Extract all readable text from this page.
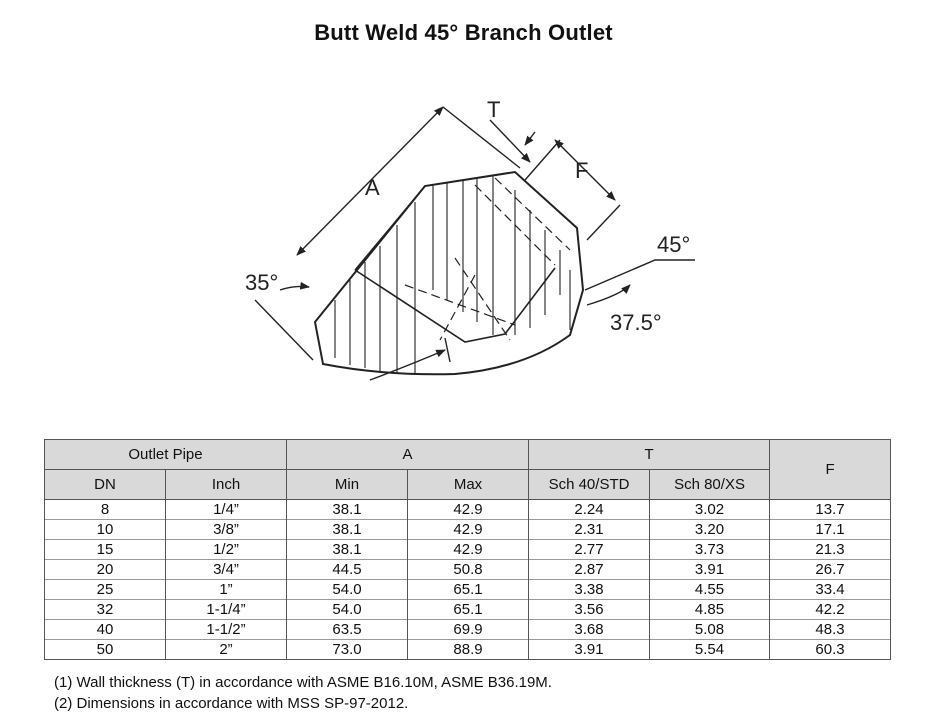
Butt Weld 45° Branch Outlet
A
T
F
45°
35°
37.5°
Outlet Pipe		A		T		F
DN	Inch	Min	Max	Sch 40/STD	Sch 80/XS	
8	1/4”	38.1	42.9	2.24	3.02	13.7
10	3/8”	38.1	42.9	2.31	3.20	17.1
15	1/2”	38.1	42.9	2.77	3.73	21.3
20	3/4”	44.5	50.8	2.87	3.91	26.7
25	1”	54.0	65.1	3.38	4.55	33.4
32	1-1/4”	54.0	65.1	3.56	4.85	42.2
40	1-1/2”	63.5	69.9	3.68	5.08	48.3
50	2”	73.0	88.9	3.91	5.54	60.3
(1) Wall thickness (T) in accordance with ASME B16.10M, ASME B36.19M.
(2) Dimensions in accordance with MSS SP-97-2012.
